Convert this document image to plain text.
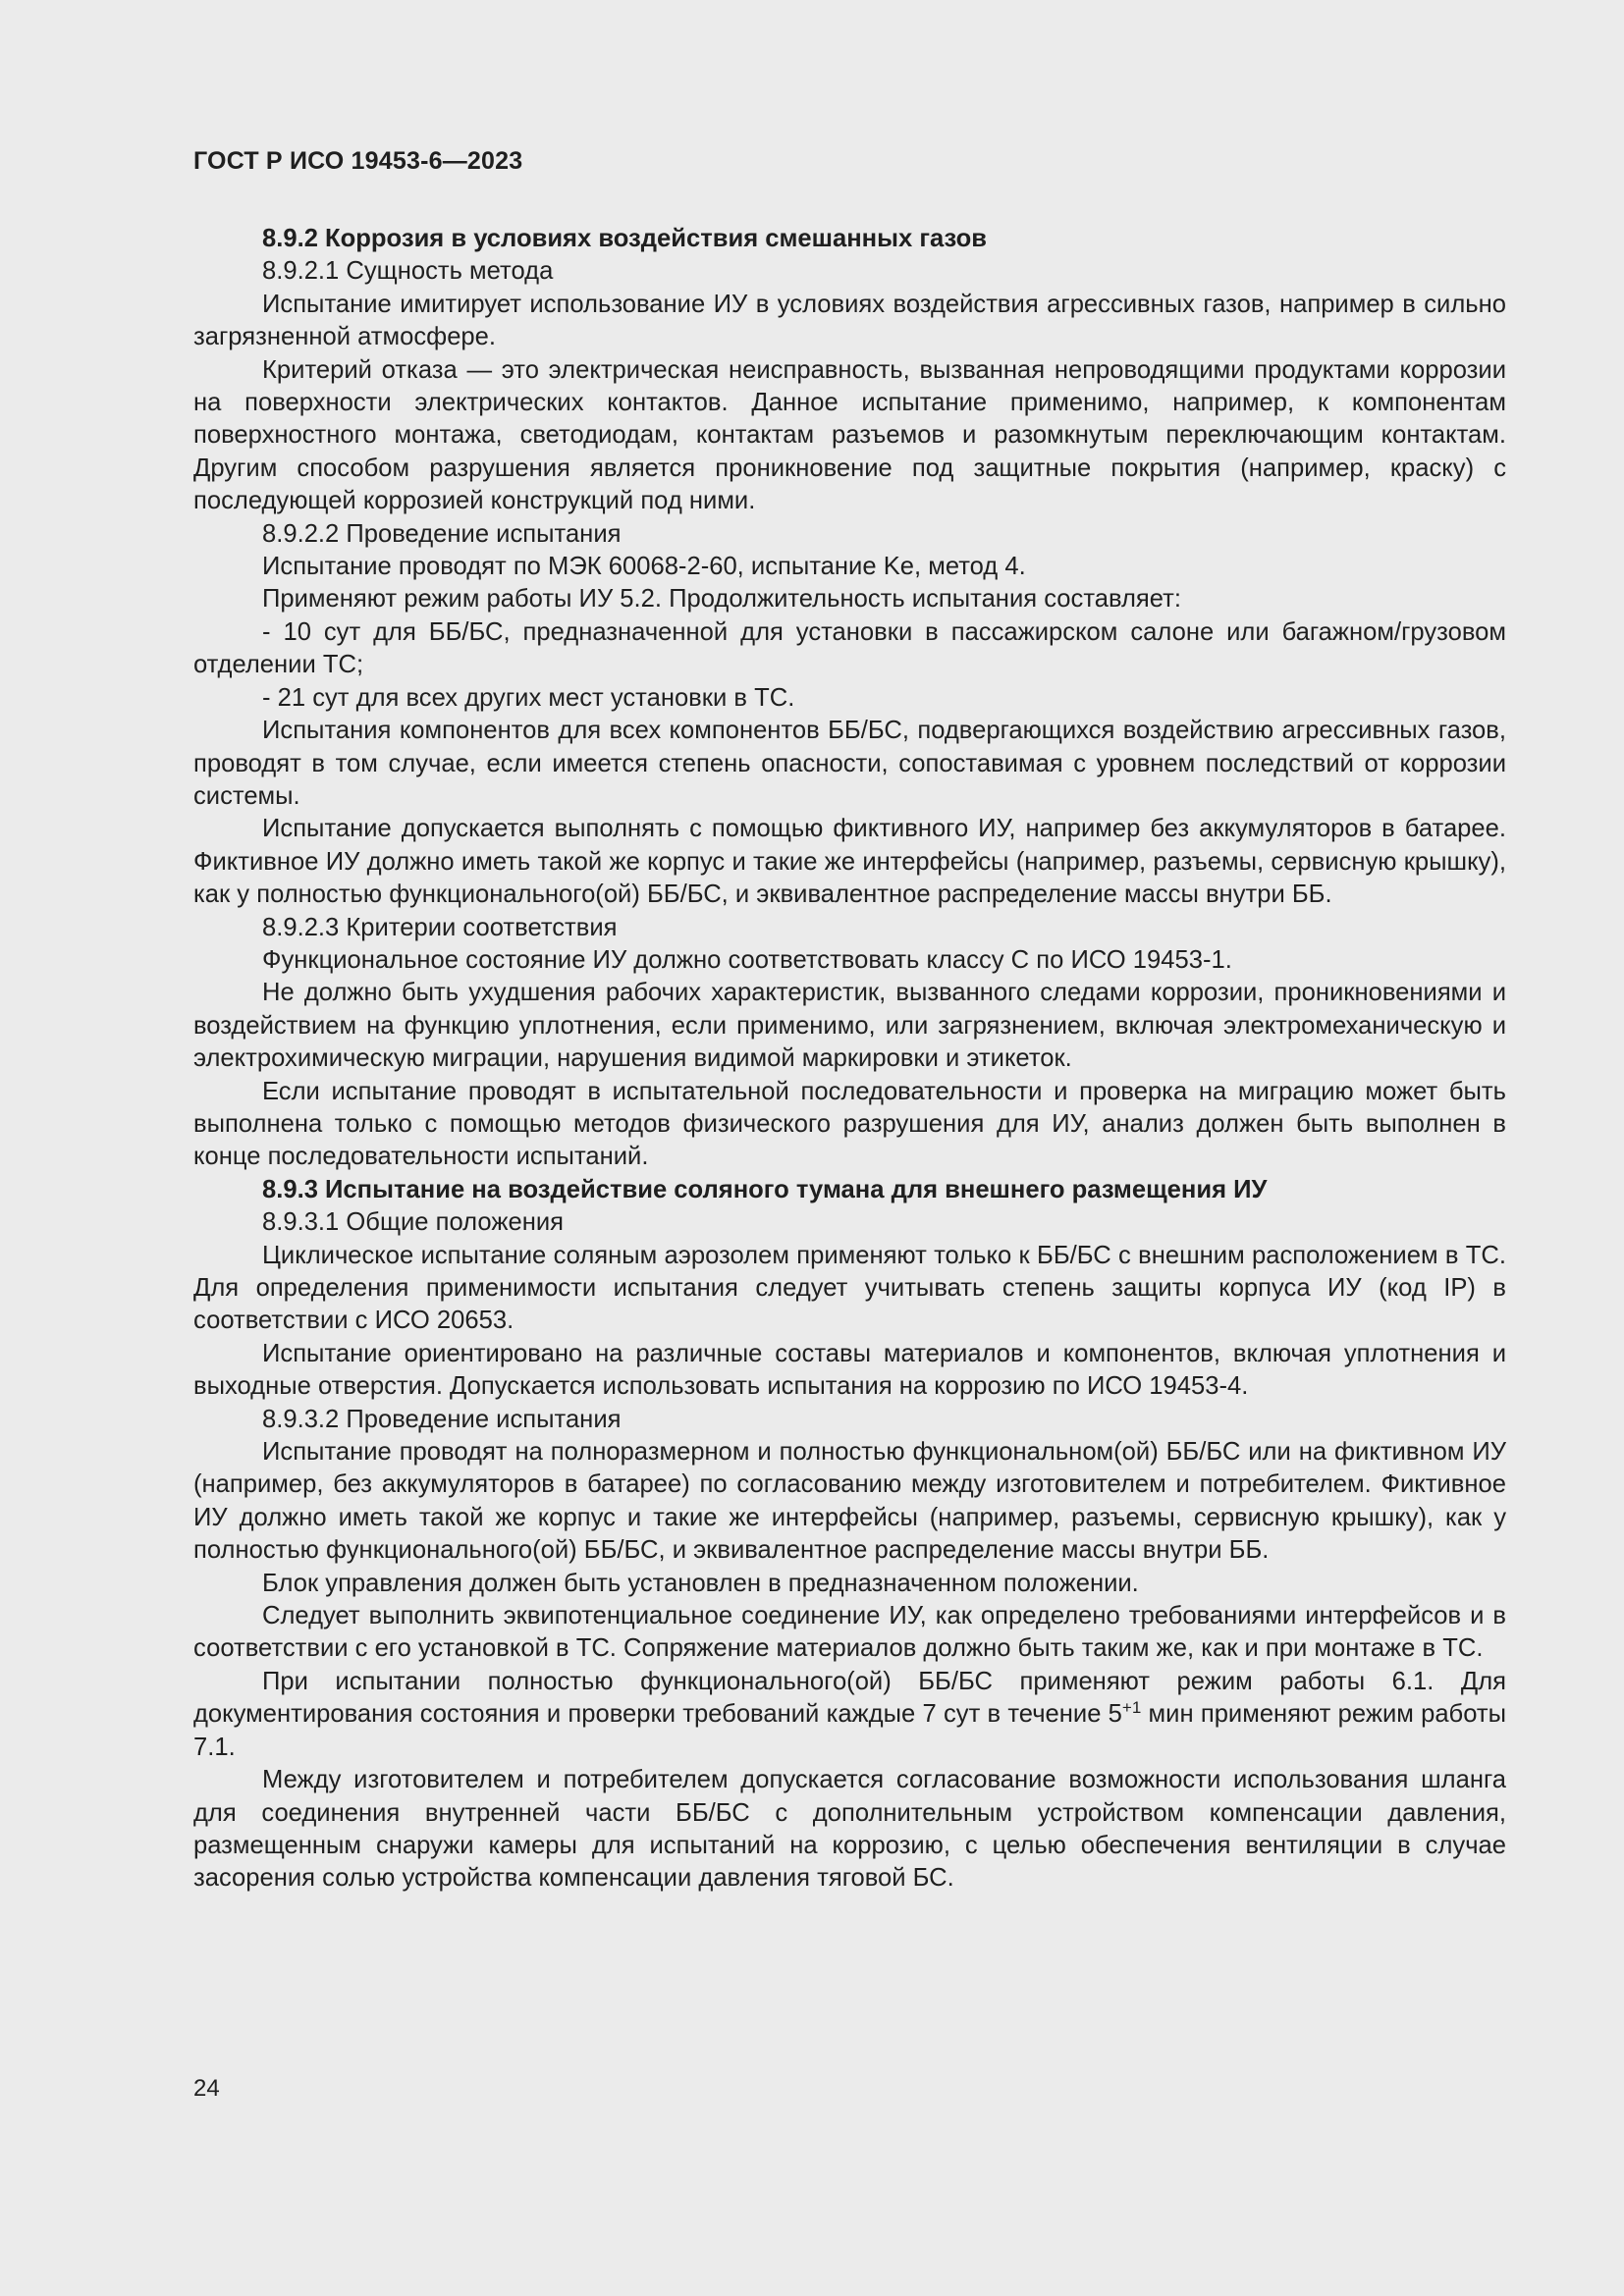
ГОСТ Р ИСО 19453-6—2023

8.9.2 Коррозия в условиях воздействия смешанных газов

8.9.2.1 Сущность метода

Испытание имитирует использование ИУ в условиях воздействия агрессивных газов, например в сильно загрязненной атмосфере.

Критерий отказа — это электрическая неисправность, вызванная непроводящими продуктами коррозии на поверхности электрических контактов. Данное испытание применимо, например, к компонентам поверхностного монтажа, светодиодам, контактам разъемов и разомкнутым переключающим контактам. Другим способом разрушения является проникновение под защитные покрытия (например, краску) с последующей коррозией конструкций под ними.

8.9.2.2 Проведение испытания

Испытание проводят по МЭК 60068-2-60, испытание Ke, метод 4.

Применяют режим работы ИУ 5.2. Продолжительность испытания составляет:

- 10 сут для ББ/БС, предназначенной для установки в пассажирском салоне или багажном/грузовом отделении ТС;

- 21 сут для всех других мест установки в ТС.

Испытания компонентов для всех компонентов ББ/БС, подвергающихся воздействию агрессивных газов, проводят в том случае, если имеется степень опасности, сопоставимая с уровнем последствий от коррозии системы.

Испытание допускается выполнять с помощью фиктивного ИУ, например без аккумуляторов в батарее. Фиктивное ИУ должно иметь такой же корпус и такие же интерфейсы (например, разъемы, сервисную крышку), как у полностью функционального(ой) ББ/БС, и эквивалентное распределение массы внутри ББ.

8.9.2.3 Критерии соответствия

Функциональное состояние ИУ должно соответствовать классу С по ИСО 19453-1.

Не должно быть ухудшения рабочих характеристик, вызванного следами коррозии, проникновениями и воздействием на функцию уплотнения, если применимо, или загрязнением, включая электромеханическую и электрохимическую миграции, нарушения видимой маркировки и этикеток.

Если испытание проводят в испытательной последовательности и проверка на миграцию может быть выполнена только с помощью методов физического разрушения для ИУ, анализ должен быть выполнен в конце последовательности испытаний.

8.9.3 Испытание на воздействие соляного тумана для внешнего размещения ИУ

8.9.3.1 Общие положения

Циклическое испытание соляным аэрозолем применяют только к ББ/БС с внешним расположением в ТС. Для определения применимости испытания следует учитывать степень защиты корпуса ИУ (код IP) в соответствии с ИСО 20653.

Испытание ориентировано на различные составы материалов и компонентов, включая уплотнения и выходные отверстия. Допускается использовать испытания на коррозию по ИСО 19453-4.

8.9.3.2 Проведение испытания

Испытание проводят на полноразмерном и полностью функциональном(ой) ББ/БС или на фиктивном ИУ (например, без аккумуляторов в батарее) по согласованию между изготовителем и потребителем. Фиктивное ИУ должно иметь такой же корпус и такие же интерфейсы (например, разъемы, сервисную крышку), как у полностью функционального(ой) ББ/БС, и эквивалентное распределение массы внутри ББ.

Блок управления должен быть установлен в предназначенном положении.

Следует выполнить эквипотенциальное соединение ИУ, как определено требованиями интерфейсов и в соответствии с его установкой в ТС. Сопряжение материалов должно быть таким же, как и при монтаже в ТС.

При испытании полностью функционального(ой) ББ/БС применяют режим работы 6.1. Для документирования состояния и проверки требований каждые 7 сут в течение $5^{+1}$ мин применяют режим работы 7.1.

Между изготовителем и потребителем допускается согласование возможности использования шланга для соединения внутренней части ББ/БС с дополнительным устройством компенсации давления, размещенным снаружи камеры для испытаний на коррозию, с целью обеспечения вентиляции в случае засорения солью устройства компенсации давления тяговой БС.

24
